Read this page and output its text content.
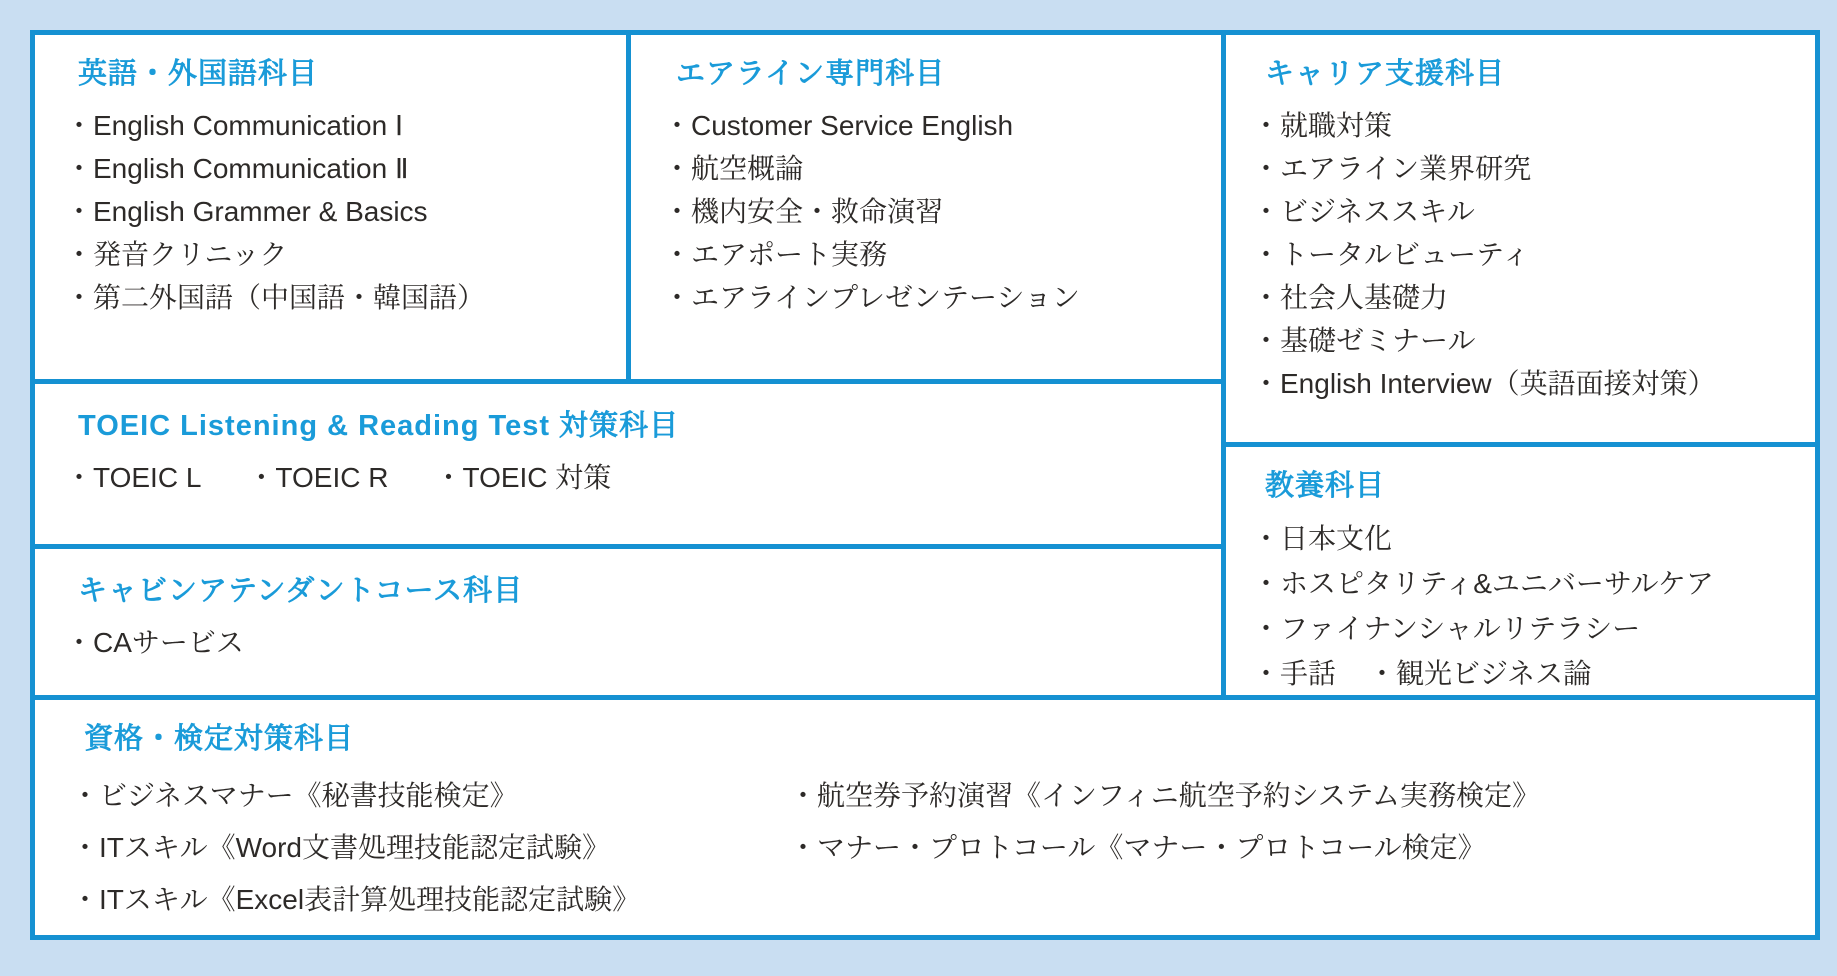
英語・外国語科目
・English Communication Ⅰ
・English Communication Ⅱ
・English Grammer & Basics
・発音クリニック
・第二外国語（中国語・韓国語）
エアライン専門科目
・Customer Service English
・航空概論
・機内安全・救命演習
・エアポート実務
・エアラインプレゼンテーション
キャリア支援科目
・就職対策
・エアライン業界研究
・ビジネススキル
・トータルビューティ
・社会人基礎力
・基礎ゼミナール
・English Interview（英語面接対策）
TOEIC Listening & Reading Test 対策科目
・TOEIC L ・TOEIC R ・TOEIC 対策
キャビンアテンダントコース科目
・CAサービス
教養科目
・日本文化
・ホスピタリティ&ユニバーサルケア
・ファイナンシャルリテラシー
・手話 ・観光ビジネス論
資格・検定対策科目
・ビジネスマナー《秘書技能検定》	・航空券予約演習《インフィニ航空予約システム実務検定》
・ITスキル《Word文書処理技能認定試験》	・マナー・プロトコール《マナー・プロトコール検定》
・ITスキル《Excel表計算処理技能認定試験》
